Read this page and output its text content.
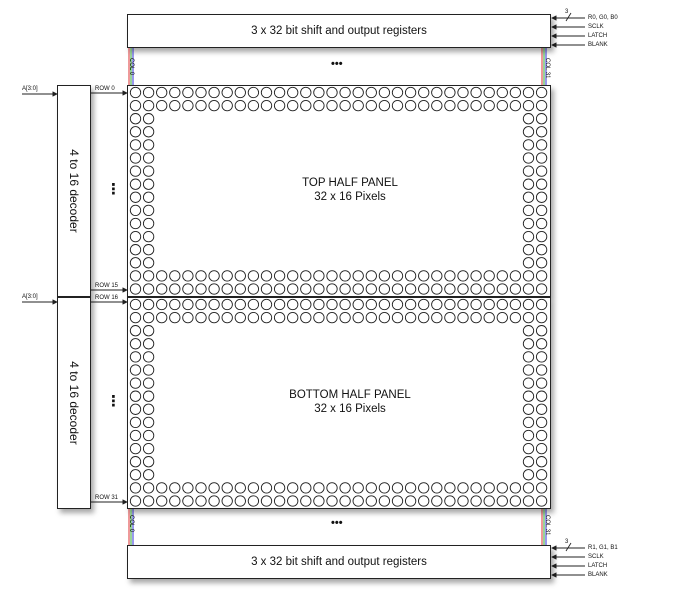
3 x 32 bit shift and output registers
R0, G0, B0
SCLK
LATCH
BLANK
3
COL 0	COL 31
•••
4 to 16 decoder
4 to 16 decoder
A[3:0]
A[3:0]
ROW 0
ROW 15
ROW 16
ROW 31
⋮
⋮
TOP HALF PANEL
32 x 16 Pixels
BOTTOM HALF PANEL
32 x 16 Pixels
3 x 32 bit shift and output registers
R1, G1, B1
SCLK
LATCH
BLANK
3
COL 0	COL 31
•••
